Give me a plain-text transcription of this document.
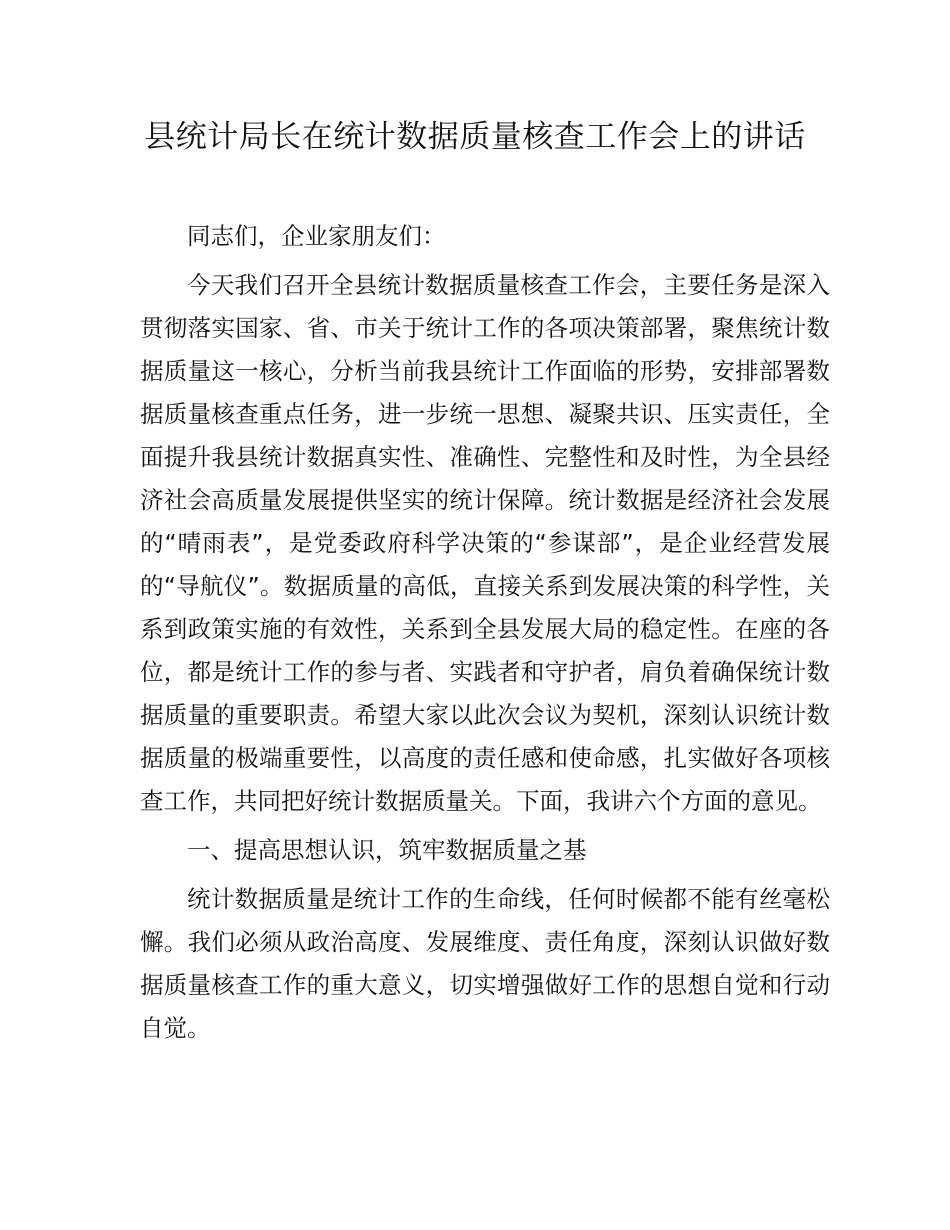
县统计局长在统计数据质量核查工作会上的讲话

同志们，企业家朋友们：

今天我们召开全县统计数据质量核查工作会，主要任务是深入贯彻落实国家、省、市关于统计工作的各项决策部署，聚焦统计数据质量这一核心，分析当前我县统计工作面临的形势，安排部署数据质量核查重点任务，进一步统一思想、凝聚共识、压实责任，全面提升我县统计数据真实性、准确性、完整性和及时性，为全县经济社会高质量发展提供坚实的统计保障。统计数据是经济社会发展的“晴雨表”，是党委政府科学决策的“参谋部”，是企业经营发展的“导航仪”。数据质量的高低，直接关系到发展决策的科学性，关系到政策实施的有效性，关系到全县发展大局的稳定性。在座的各位，都是统计工作的参与者、实践者和守护者，肩负着确保统计数据质量的重要职责。希望大家以此次会议为契机，深刻认识统计数据质量的极端重要性，以高度的责任感和使命感，扎实做好各项核查工作，共同把好统计数据质量关。下面，我讲六个方面的意见。

一、提高思想认识，筑牢数据质量之基

统计数据质量是统计工作的生命线，任何时候都不能有丝毫松懈。我们必须从政治高度、发展维度、责任角度，深刻认识做好数据质量核查工作的重大意义，切实增强做好工作的思想自觉和行动自觉。
